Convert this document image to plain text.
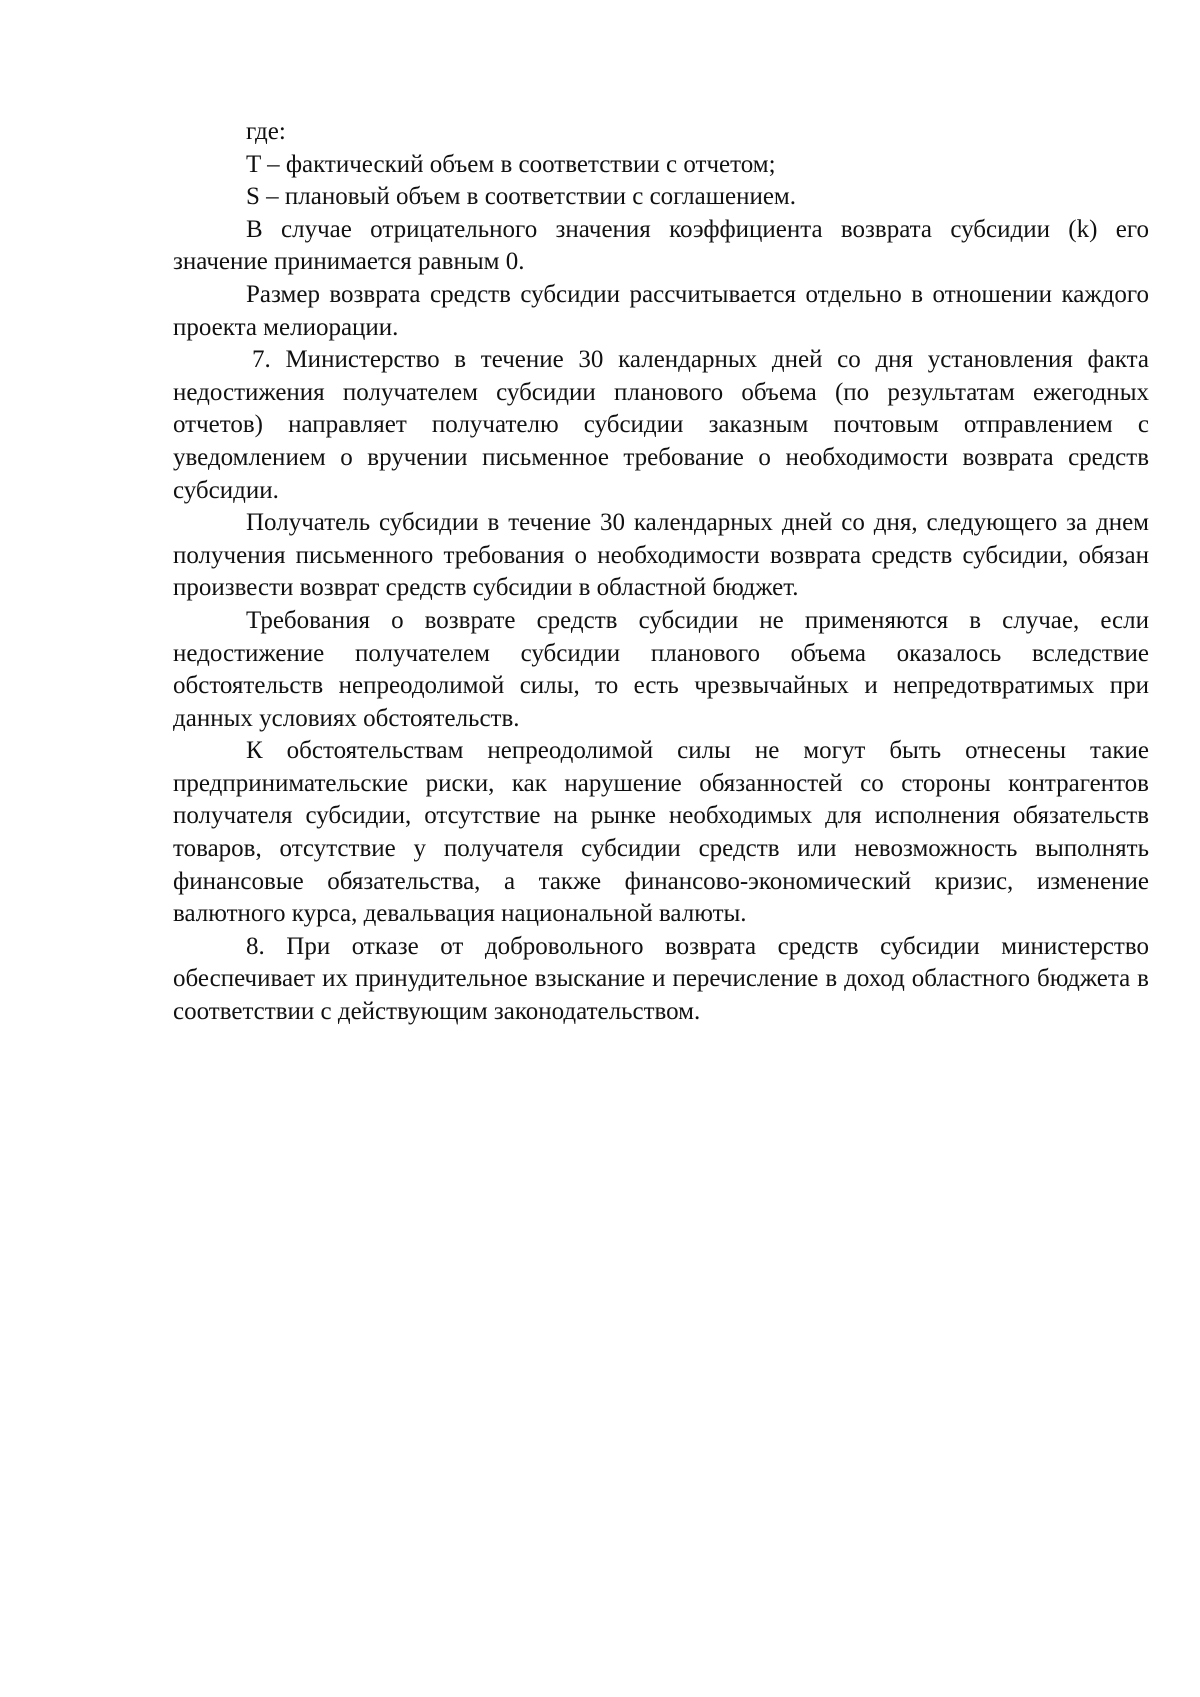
где:

T – фактический объем в соответствии с отчетом;

S – плановый объем в соответствии с соглашением.

В случае отрицательного значения коэффициента возврата субсидии (k) его значение принимается равным 0.

Размер возврата средств субсидии рассчитывается отдельно в отношении каждого проекта мелиорации.

7. Министерство в течение 30 календарных дней со дня установления факта недостижения получателем субсидии планового объема (по результатам ежегодных отчетов) направляет получателю субсидии заказным почтовым отправлением с уведомлением о вручении письменное требование о необходимости возврата средств субсидии.

Получатель субсидии в течение 30 календарных дней со дня, следующего за днем получения письменного требования о необходимости возврата средств субсидии, обязан произвести возврат средств субсидии в областной бюджет.

Требования о возврате средств субсидии не применяются в случае, если недостижение получателем субсидии планового объема оказалось вследствие обстоятельств непреодолимой силы, то есть чрезвычайных и непредотвратимых при данных условиях обстоятельств.

К обстоятельствам непреодолимой силы не могут быть отнесены такие предпринимательские риски, как нарушение обязанностей со стороны контрагентов получателя субсидии, отсутствие на рынке необходимых для исполнения обязательств товаров, отсутствие у получателя субсидии средств или невозможность выполнять финансовые обязательства, а также финансово-экономический кризис, изменение валютного курса, девальвация национальной валюты.

8. При отказе от добровольного возврата средств субсидии министерство обеспечивает их принудительное взыскание и перечисление в доход областного бюджета в соответствии с действующим законодательством.
